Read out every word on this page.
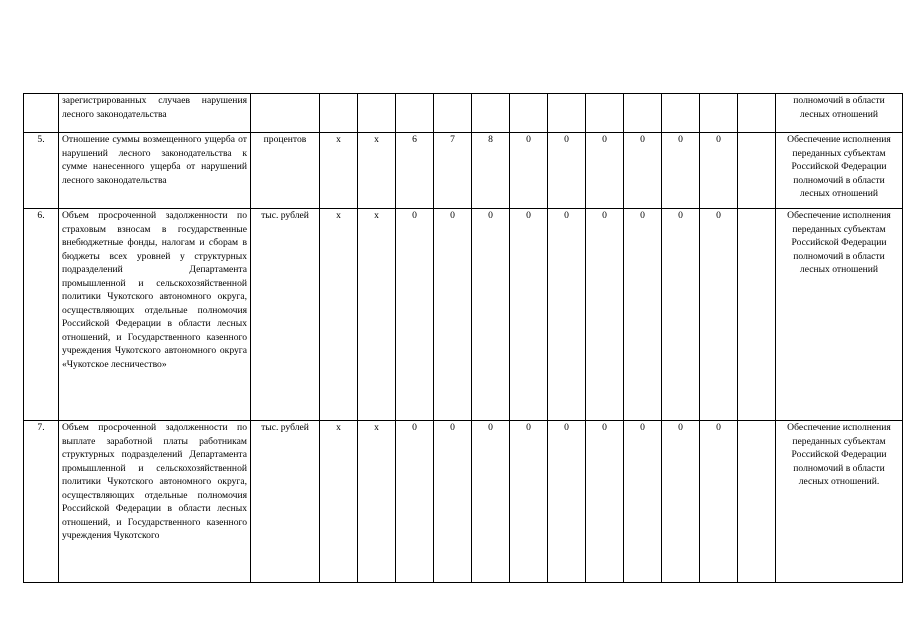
	зарегистрированных случаев нарушения лесного законодательства														полномочий в области лесных отношений
5.	Отношение суммы возмещенного ущерба от нарушений лесного законодательства к сумме нанесенного ущерба от нарушений лесного законодательства	процентов	х	х	6	7	8	0	0	0	0	0	0		Обеспечение исполнения переданных субъектам Российской Федерации полномочий в области лесных отношений
6.	Объем просроченной задолженности по страховым взносам в государственные внебюджетные фонды, налогам и сборам в бюджеты всех уровней у структурных подразделений Департамента промышленной и сельскохозяйственной политики Чукотского автономного округа, осуществляющих отдельные полномочия Российской Федерации в области лесных отношений, и Государственного казенного учреждения Чукотского автономного округа «Чукотское лесничество»	тыс. рублей	х	х	0	0	0	0	0	0	0	0	0		Обеспечение исполнения переданных субъектам Российской Федерации полномочий в области лесных отношений
7.	Объем просроченной задолженности по выплате заработной платы работникам структурных подразделений Департамента промышленной и сельскохозяйственной политики Чукотского автономного округа, осуществляющих отдельные полномочия Российской Федерации в области лесных отношений, и Государственного казенного учреждения Чукотского	тыс. рублей	х	х	0	0	0	0	0	0	0	0	0		Обеспечение исполнения переданных субъектам Российской Федерации полномочий в области лесных отношений.
